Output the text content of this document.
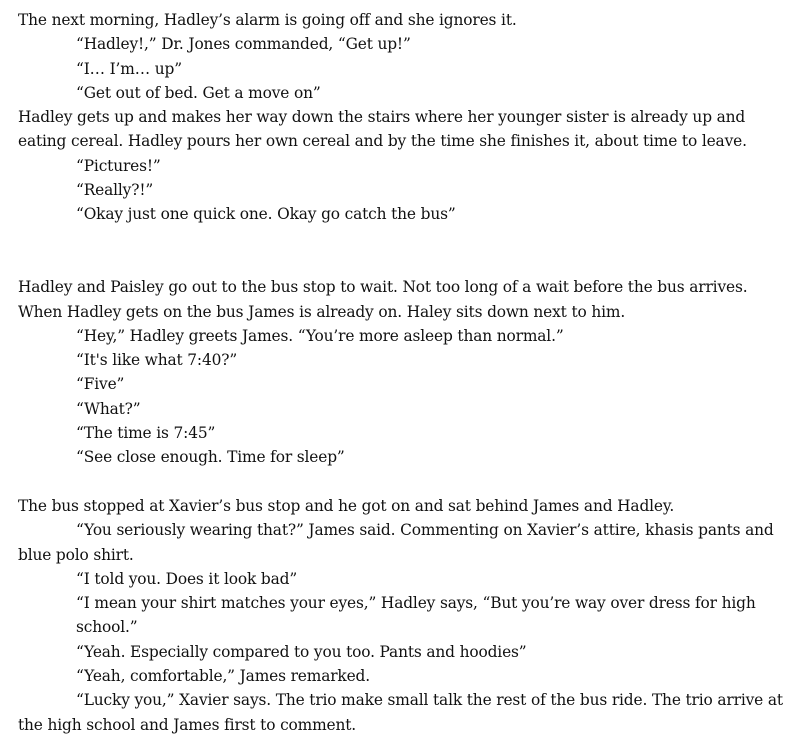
The next morning, Hadley’s alarm is going off and she ignores it.

“Hadley!,” Dr. Jones commanded, “Get up!”

“I… I’m… up”

“Get out of bed. Get a move on”

Hadley gets up and makes her way down the stairs where her younger sister is already up and eating cereal. Hadley pours her own cereal and by the time she finishes it, about time to leave.

“Pictures!”

“Really?!”

“Okay just one quick one. Okay go catch the bus”

Hadley and Paisley go out to the bus stop to wait. Not too long of a wait before the bus arrives. When Hadley gets on the bus James is already on. Haley sits down next to him.

“Hey,” Hadley greets James. “You’re more asleep than normal.”

“It's like what 7:40?”

“Five”

“What?”

“The time is 7:45”

“See close enough. Time for sleep”

The bus stopped at Xavier’s bus stop and he got on and sat behind James and Hadley.

“You seriously wearing that?” James said. Commenting on Xavier’s attire, khasis pants and blue polo shirt.

“I told you. Does it look bad”

“I mean your shirt matches your eyes,” Hadley says, “But you’re way over dress for high school.”

“Yeah. Especially compared to you too. Pants and hoodies”

“Yeah, comfortable,” James remarked.

“Lucky you,” Xavier says. The trio make small talk the rest of the bus ride. The trio arrive at the high school and James first to comment.
